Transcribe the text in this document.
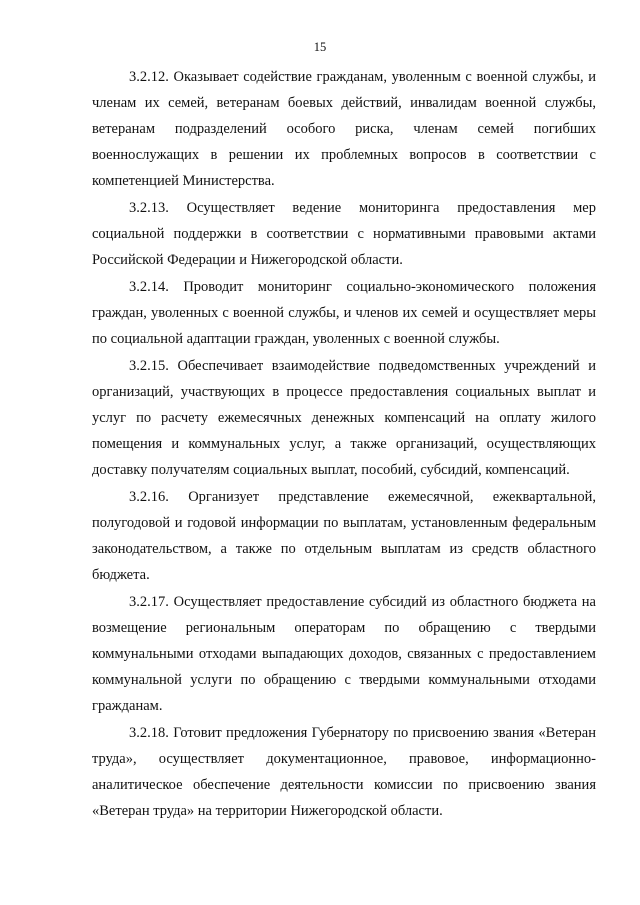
15

3.2.12. Оказывает содействие гражданам, уволенным с военной службы, и членам их семей, ветеранам боевых действий, инвалидам военной службы, ветеранам подразделений особого риска, членам семей погибших военнослужащих в решении их проблемных вопросов в соответствии с компетенцией Министерства.

3.2.13. Осуществляет ведение мониторинга предоставления мер социальной поддержки в соответствии с нормативными правовыми актами Российской Федерации и Нижегородской области.

3.2.14. Проводит мониторинг социально-экономического положения граждан, уволенных с военной службы, и членов их семей и осуществляет меры по социальной адаптации граждан, уволенных с военной службы.

3.2.15. Обеспечивает взаимодействие подведомственных учреждений и организаций, участвующих в процессе предоставления социальных выплат и услуг по расчету ежемесячных денежных компенсаций на оплату жилого помещения и коммунальных услуг, а также организаций, осуществляющих доставку получателям социальных выплат, пособий, субсидий, компенсаций.

3.2.16. Организует представление ежемесячной, ежеквартальной, полугодовой и годовой информации по выплатам, установленным федеральным законодательством, а также по отдельным выплатам из средств областного бюджета.

3.2.17. Осуществляет предоставление субсидий из областного бюджета на возмещение региональным операторам по обращению с твердыми коммунальными отходами выпадающих доходов, связанных с предоставлением коммунальной услуги по обращению с твердыми коммунальными отходами гражданам.

3.2.18. Готовит предложения Губернатору по присвоению звания «Ветеран труда», осуществляет документационное, правовое, информационно-аналитическое обеспечение деятельности комиссии по присвоению звания «Ветеран труда» на территории Нижегородской области.
